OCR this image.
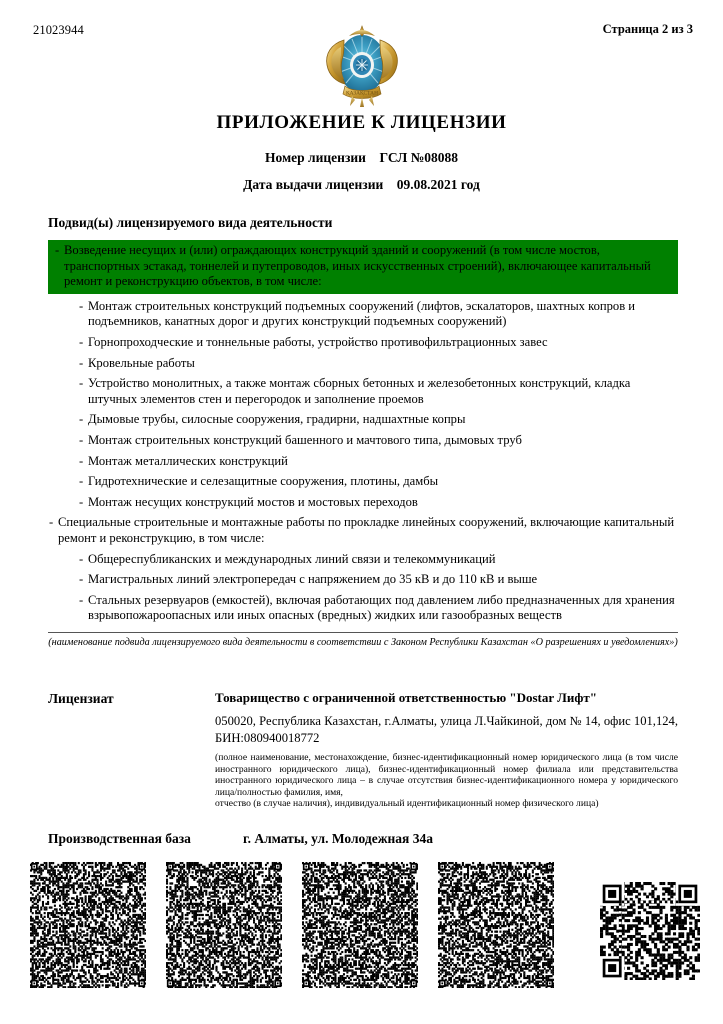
21023944	Страница 2 из 3
ҚАЗАҚСТАН
ПРИЛОЖЕНИЕ К ЛИЦЕНЗИИ
Номер лицензии ГСЛ №08088
Дата выдачи лицензии 09.08.2021 год
Подвид(ы) лицензируемого вида деятельности
- Возведение несущих и (или) ограждающих конструкций зданий и сооружений (в том числе мостов, транспортных эстакад, тоннелей и путепроводов, иных искусственных строений), включающее капитальный ремонт и реконструкцию объектов, в том числе:
- Монтаж строительных конструкций подъемных сооружений (лифтов, эскалаторов, шахтных копров и подъемников, канатных дорог и других конструкций подъемных сооружений)
- Горнопроходческие и тоннельные работы, устройство противофильтрационных завес
- Кровельные работы
- Устройство монолитных, а также монтаж сборных бетонных и железобетонных конструкций, кладка штучных элементов стен и перегородок и заполнение проемов
- Дымовые трубы, силосные сооружения, градирни, надшахтные копры
- Монтаж строительных конструкций башенного и мачтового типа, дымовых труб
- Монтаж металлических конструкций
- Гидротехнические и селезащитные сооружения, плотины, дамбы
- Монтаж несущих конструкций мостов и мостовых переходов
- Специальные строительные и монтажные работы по прокладке линейных сооружений, включающие капитальный ремонт и реконструкцию, в том числе:
- Общереспубликанских и международных линий связи и телекоммуникаций
- Магистральных линий электропередач с напряжением до 35 кВ и до 110 кВ и выше
- Стальных резервуаров (емкостей), включая работающих под давлением либо предназначенных для хранения взрывопожароопасных или иных опасных (вредных) жидких или газообразных веществ
(наименование подвида лицензируемого вида деятельности в соответствии с Законом Республики Казахстан «О разрешениях и уведомлениях»)
Лицензиат	Товарищество с ограниченной ответственностью "Dostar Лифт"
050020, Республика Казахстан, г.Алматы, улица Л.Чайкиной, дом № 14, офис 101,124, БИН:080940018772
(полное наименование, местонахождение, бизнес-идентификационный номер юридического лица (в том числе иностранного юридического лица), бизнес-идентификационный номер филиала или представительства иностранного юридического лица – в случае отсутствия бизнес-идентификационного номера у юридического лица/полностью фамилия, имя,
отчество (в случае наличия), индивидуальный идентификационный номер физического лица)
Производственная база	г. Алматы, ул. Молодежная 34а
